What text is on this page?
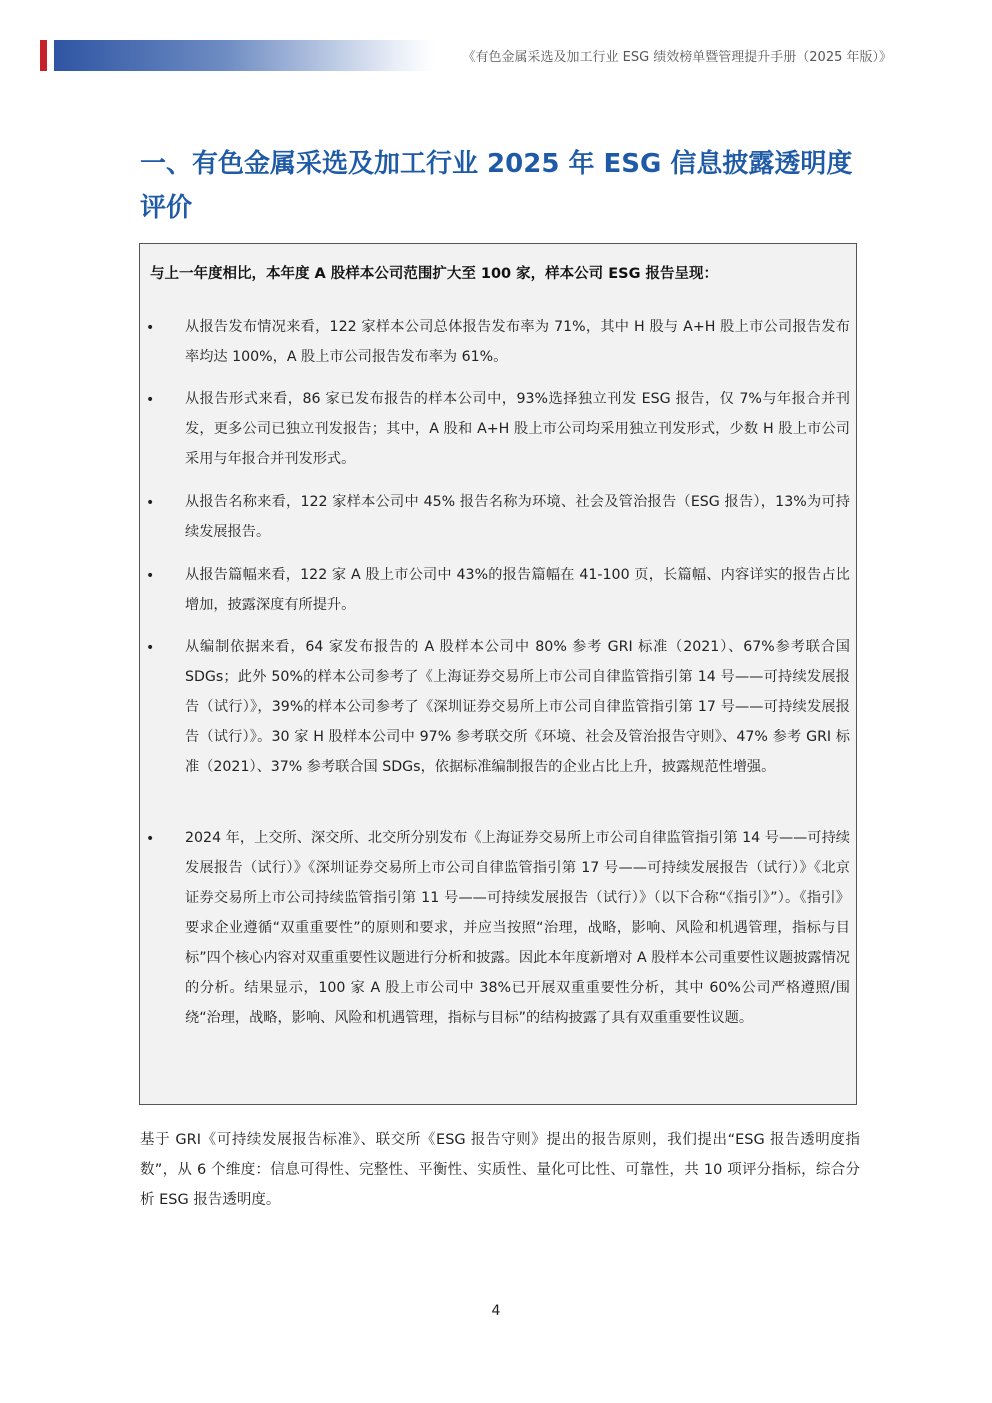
《有色金属采选及加工行业 ESG 绩效榜单暨管理提升手册（2025 年版）》
一、有色金属采选及加工行业 2025 年 ESG 信息披露透明度评价
与上一年度相比，本年度 A 股样本公司范围扩大至 100 家，样本公司 ESG 报告呈现：
• 从报告发布情况来看，122 家样本公司总体报告发布率为 71%，其中 H 股与 A+H 股上市公司报告发布率均达 100%，A 股上市公司报告发布率为 61%。
• 从报告形式来看，86 家已发布报告的样本公司中，93%选择独立刊发 ESG 报告，仅 7%与年报合并刊发，更多公司已独立刊发报告；其中，A 股和 A+H 股上市公司均采用独立刊发形式，少数 H 股上市公司采用与年报合并刊发形式。
• 从报告名称来看，122 家样本公司中 45% 报告名称为环境、社会及管治报告（ESG 报告），13%为可持续发展报告。
• 从报告篇幅来看，122 家 A 股上市公司中 43%的报告篇幅在 41-100 页，长篇幅、内容详实的报告占比增加，披露深度有所提升。
• 从编制依据来看，64 家发布报告的 A 股样本公司中 80% 参考 GRI 标准（2021）、67%参考联合国 SDGs；此外 50%的样本公司参考了《上海证券交易所上市公司自律监管指引第 14 号——可持续发展报告（试行）》，39%的样本公司参考了《深圳证券交易所上市公司自律监管指引第 17 号——可持续发展报告（试行）》。30 家 H 股样本公司中 97% 参考联交所《环境、社会及管治报告守则》、47% 参考 GRI 标准（2021）、37% 参考联合国 SDGs，依据标准编制报告的企业占比上升，披露规范性增强。
• 2024 年，上交所、深交所、北交所分别发布《上海证券交易所上市公司自律监管指引第 14 号——可持续发展报告（试行）》《深圳证券交易所上市公司自律监管指引第 17 号——可持续发展报告（试行）》《北京证券交易所上市公司持续监管指引第 11 号——可持续发展报告（试行）》（以下合称“《指引》”）。《指引》要求企业遵循“双重重要性”的原则和要求，并应当按照“治理，战略，影响、风险和机遇管理，指标与目标”四个核心内容对双重重要性议题进行分析和披露。因此本年度新增对 A 股样本公司重要性议题披露情况的分析。结果显示，100 家 A 股上市公司中 38%已开展双重重要性分析，其中 60%公司严格遵照/围绕“治理，战略，影响、风险和机遇管理，指标与目标”的结构披露了具有双重重要性议题。
基于 GRI《可持续发展报告标准》、联交所《ESG 报告守则》提出的报告原则，我们提出“ESG 报告透明度指数”，从 6 个维度：信息可得性、完整性、平衡性、实质性、量化可比性、可靠性，共 10 项评分指标，综合分析 ESG 报告透明度。
4
